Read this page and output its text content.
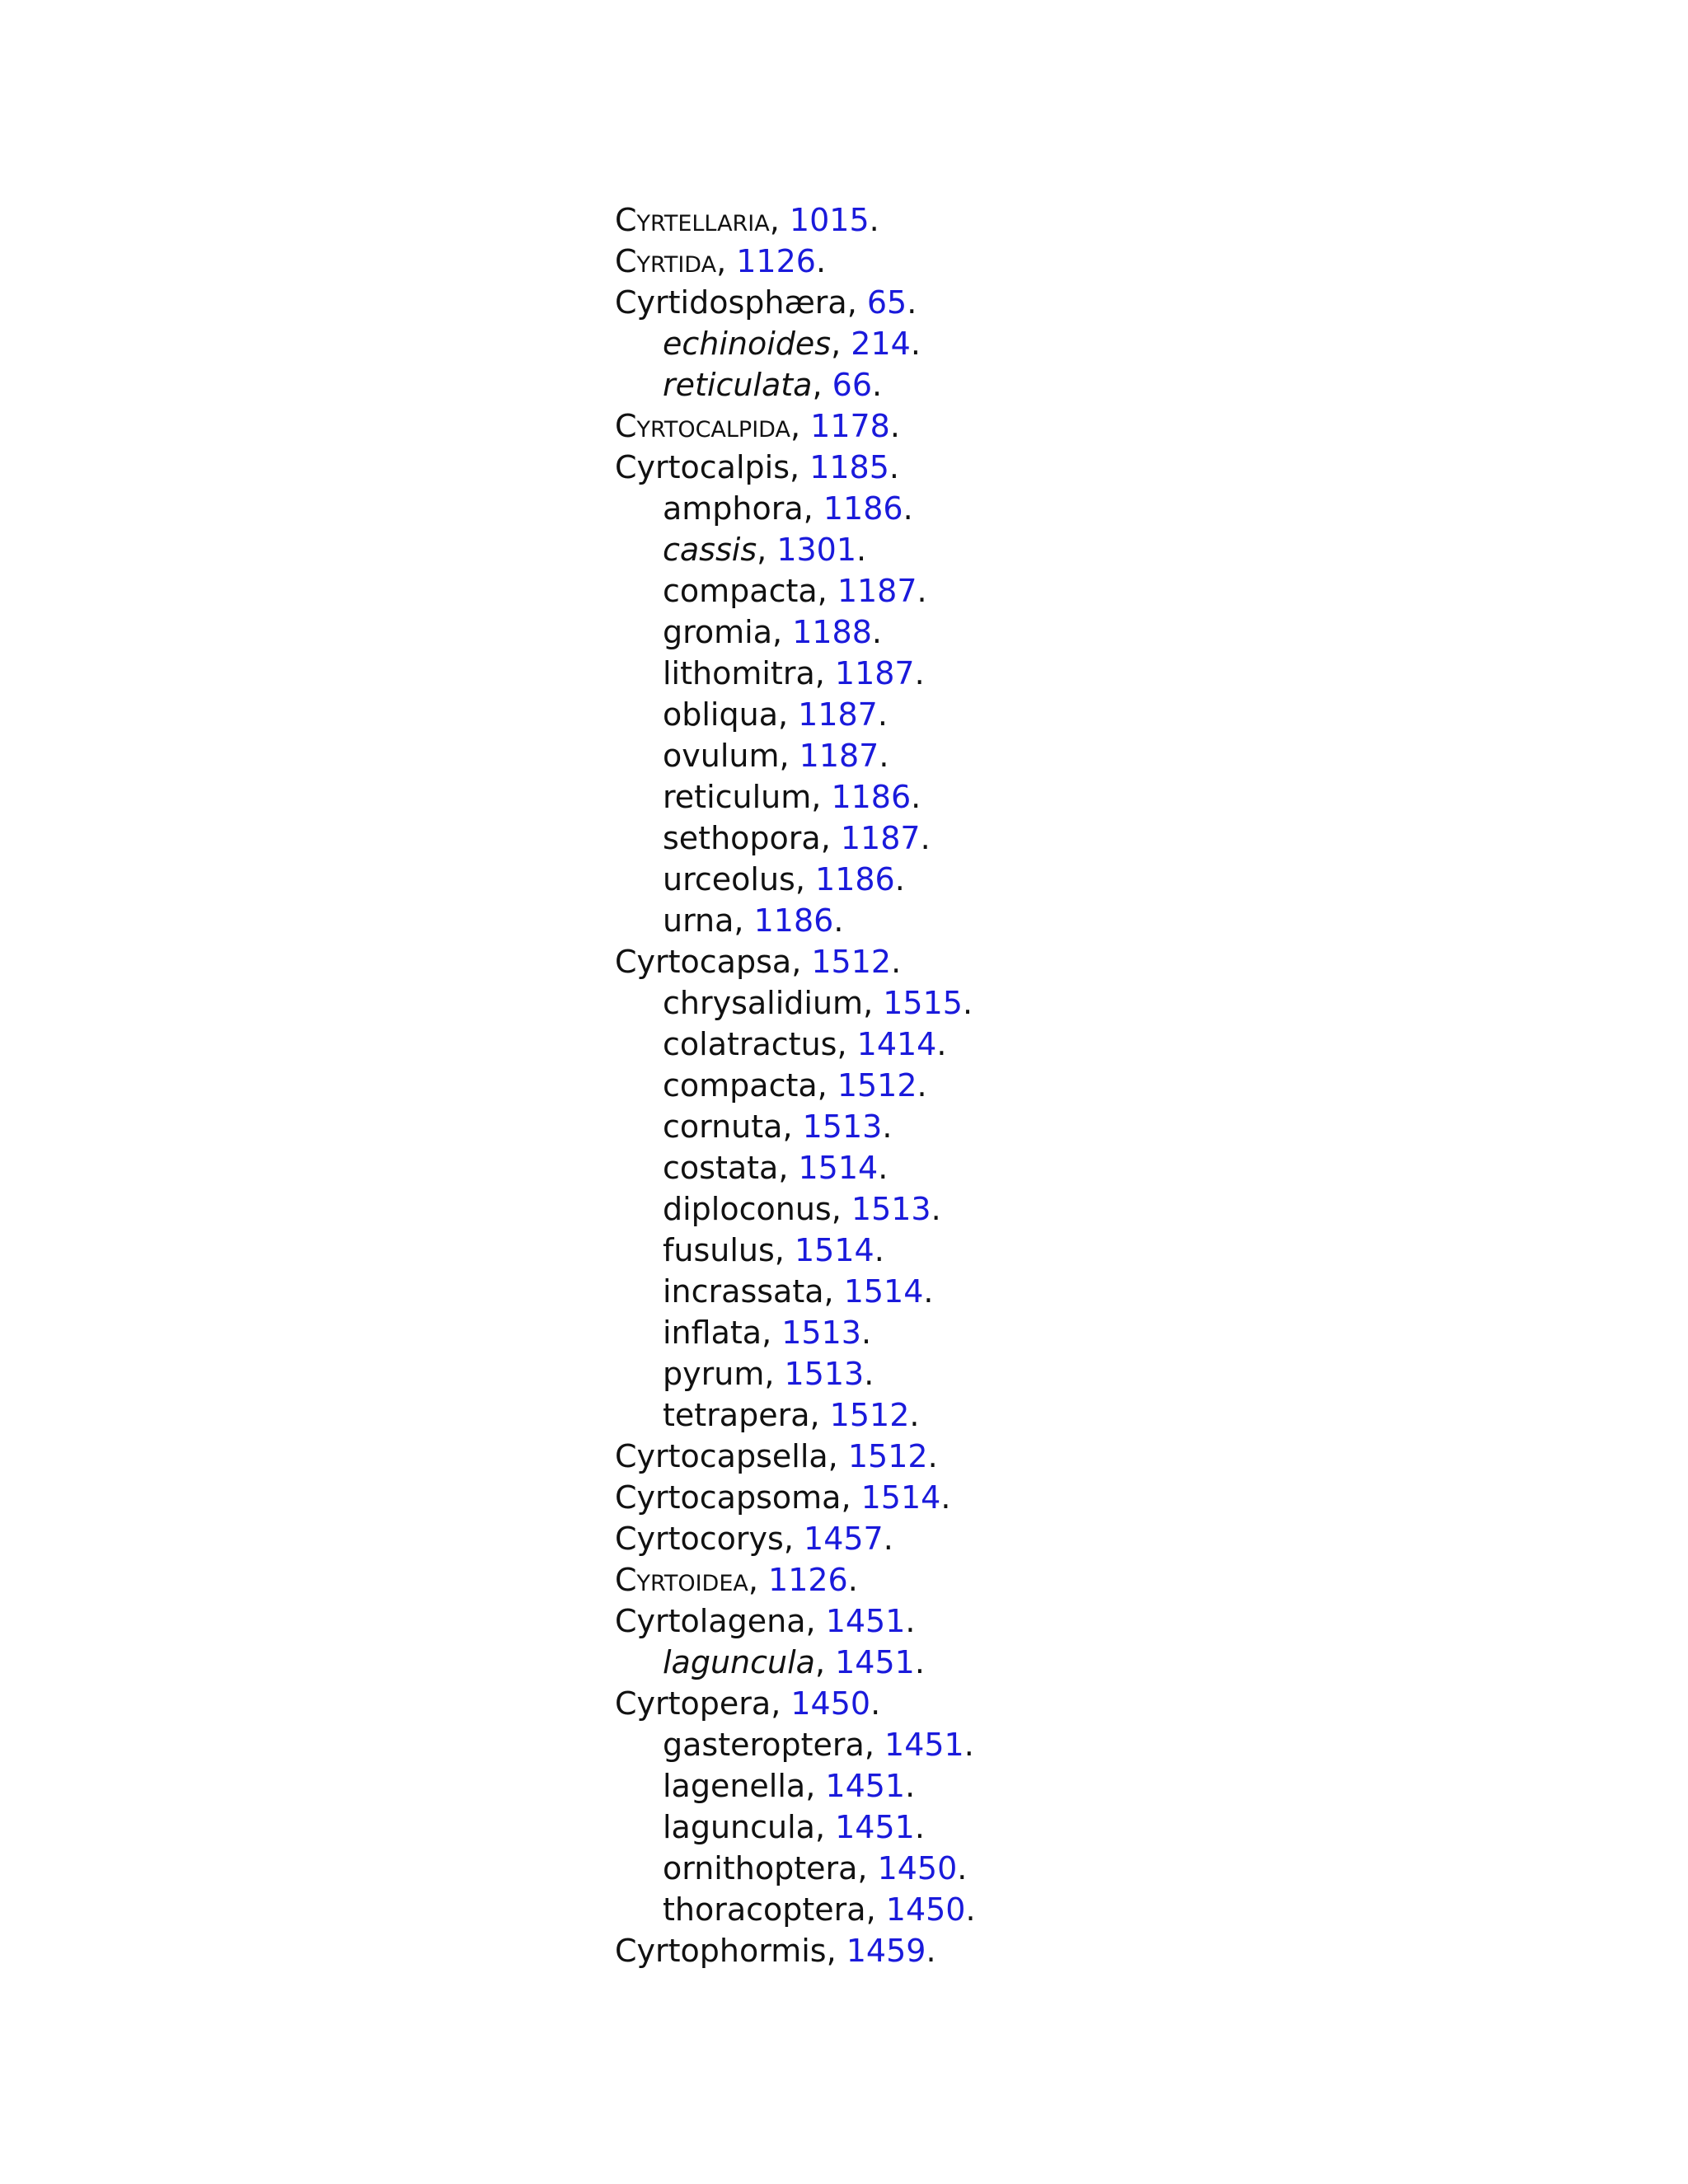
Cyrtellaria, 1015.
Cyrtida, 1126.
Cyrtidosphæra, 65.
echinoides, 214.
reticulata, 66.
Cyrtocalpida, 1178.
Cyrtocalpis, 1185.
amphora, 1186.
cassis, 1301.
compacta, 1187.
gromia, 1188.
lithomitra, 1187.
obliqua, 1187.
ovulum, 1187.
reticulum, 1186.
sethopora, 1187.
urceolus, 1186.
urna, 1186.
Cyrtocapsa, 1512.
chrysalidium, 1515.
colatractus, 1414.
compacta, 1512.
cornuta, 1513.
costata, 1514.
diploconus, 1513.
fusulus, 1514.
incrassata, 1514.
inflata, 1513.
pyrum, 1513.
tetrapera, 1512.
Cyrtocapsella, 1512.
Cyrtocapsoma, 1514.
Cyrtocorys, 1457.
Cyrtoidea, 1126.
Cyrtolagena, 1451.
laguncula, 1451.
Cyrtopera, 1450.
gasteroptera, 1451.
lagenella, 1451.
laguncula, 1451.
ornithoptera, 1450.
thoracoptera, 1450.
Cyrtophormis, 1459.
